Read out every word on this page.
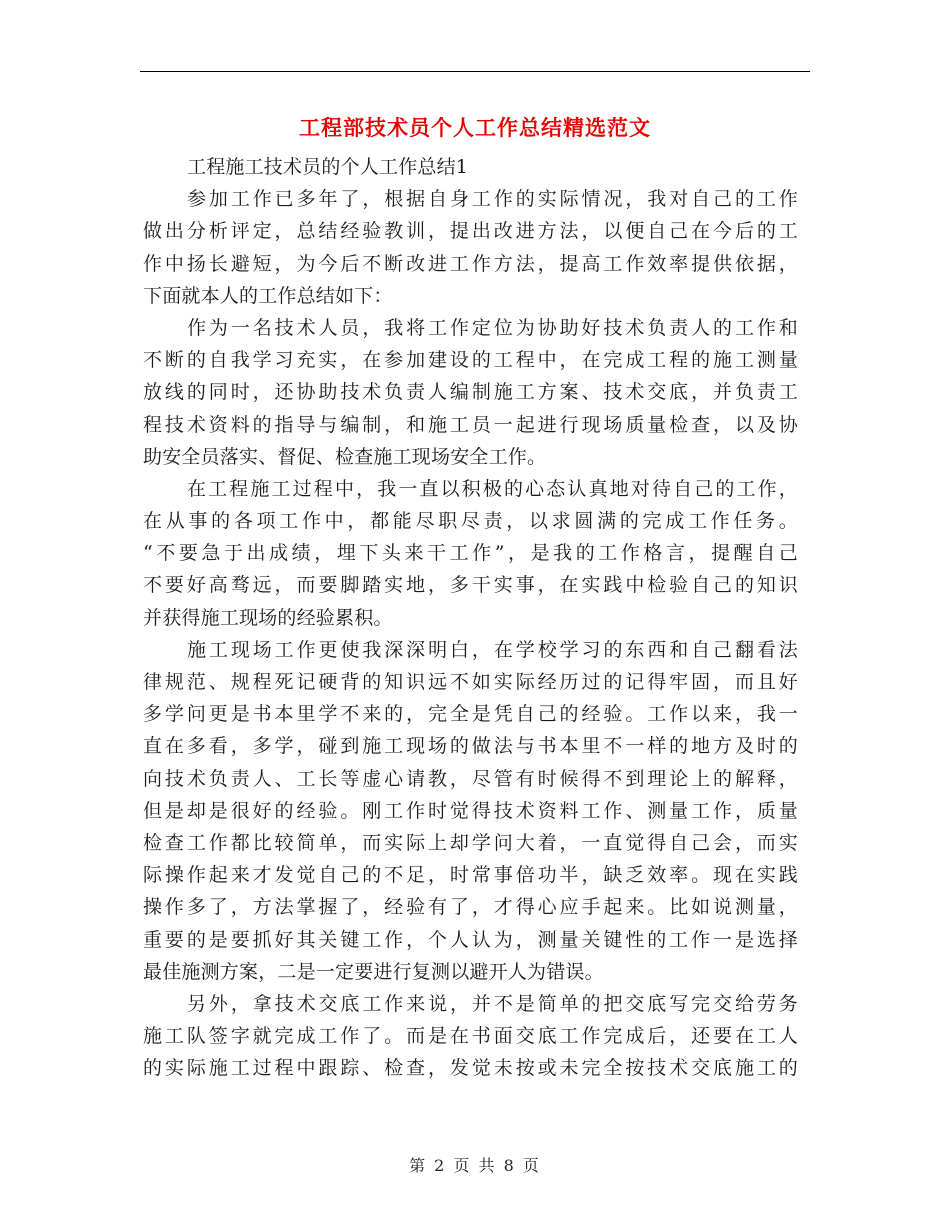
工程部技术员个人工作总结精选范文
工程施工技术员的个人工作总结1
参加工作已多年了，根据自身工作的实际情况，我对自己的工作
做出分析评定，总结经验教训，提出改进方法，以便自己在今后的工
作中扬长避短，为今后不断改进工作方法，提高工作效率提供依据，
下面就本人的工作总结如下：
作为一名技术人员，我将工作定位为协助好技术负责人的工作和
不断的自我学习充实，在参加建设的工程中，在完成工程的施工测量
放线的同时，还协助技术负责人编制施工方案、技术交底，并负责工
程技术资料的指导与编制，和施工员一起进行现场质量检查，以及协
助安全员落实、督促、检查施工现场安全工作。
在工程施工过程中，我一直以积极的心态认真地对待自己的工作，
在从事的各项工作中，都能尽职尽责，以求圆满的完成工作任务。
“不要急于出成绩，埋下头来干工作”，是我的工作格言，提醒自己
不要好高骛远，而要脚踏实地，多干实事，在实践中检验自己的知识
并获得施工现场的经验累积。
施工现场工作更使我深深明白，在学校学习的东西和自己翻看法
律规范、规程死记硬背的知识远不如实际经历过的记得牢固，而且好
多学问更是书本里学不来的，完全是凭自己的经验。工作以来，我一
直在多看，多学，碰到施工现场的做法与书本里不一样的地方及时的
向技术负责人、工长等虚心请教，尽管有时候得不到理论上的解释，
但是却是很好的经验。刚工作时觉得技术资料工作、测量工作，质量
检查工作都比较简单，而实际上却学问大着，一直觉得自己会，而实
际操作起来才发觉自己的不足，时常事倍功半，缺乏效率。现在实践
操作多了，方法掌握了，经验有了，才得心应手起来。比如说测量，
重要的是要抓好其关键工作，个人认为，测量关键性的工作一是选择
最佳施测方案，二是一定要进行复测以避开人为错误。
另外，拿技术交底工作来说，并不是简单的把交底写完交给劳务
施工队签字就完成工作了。而是在书面交底工作完成后，还要在工人
的实际施工过程中跟踪、检查，发觉未按或未完全按技术交底施工的
第 2 页 共 8 页
